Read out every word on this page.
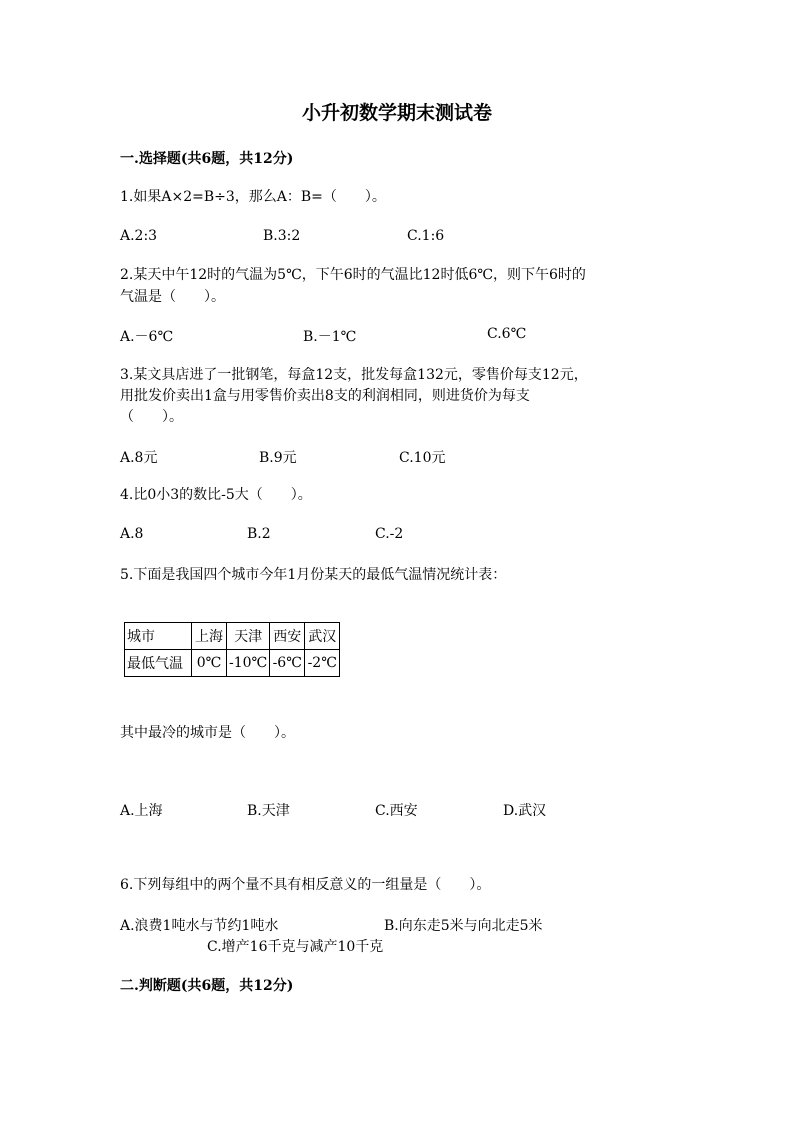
小升初数学期末测试卷
一.选择题(共6题，共12分)
1.如果A×2=B÷3，那么A：B=（　　）。
A.2:3	B.3:2	C.1:6
2.某天中午12时的气温为5℃，下午6时的气温比12时低6℃，则下午6时的
气温是（　　）。
A.－6℃	B.－1℃	C.6℃
3.某文具店进了一批钢笔，每盒12支，批发每盒132元，零售价每支12元，
用批发价卖出1盒与用零售价卖出8支的利润相同，则进货价为每支
（　　）。
A.8元	B.9元	C.10元
4.比0小3的数比-5大（　　）。
A.8	B.2	C.-2
5.下面是我国四个城市今年1月份某天的最低气温情况统计表：
城市	上海	天津	西安	武汉
最低气温	0℃	-10℃	-6℃	-2℃
其中最冷的城市是（　　）。
A.上海	B.天津	C.西安	D.武汉
6.下列每组中的两个量不具有相反意义的一组量是（　　）。
A.浪费1吨水与节约1吨水	B.向东走5米与向北走5米
C.增产16千克与减产10千克
二.判断题(共6题，共12分)
